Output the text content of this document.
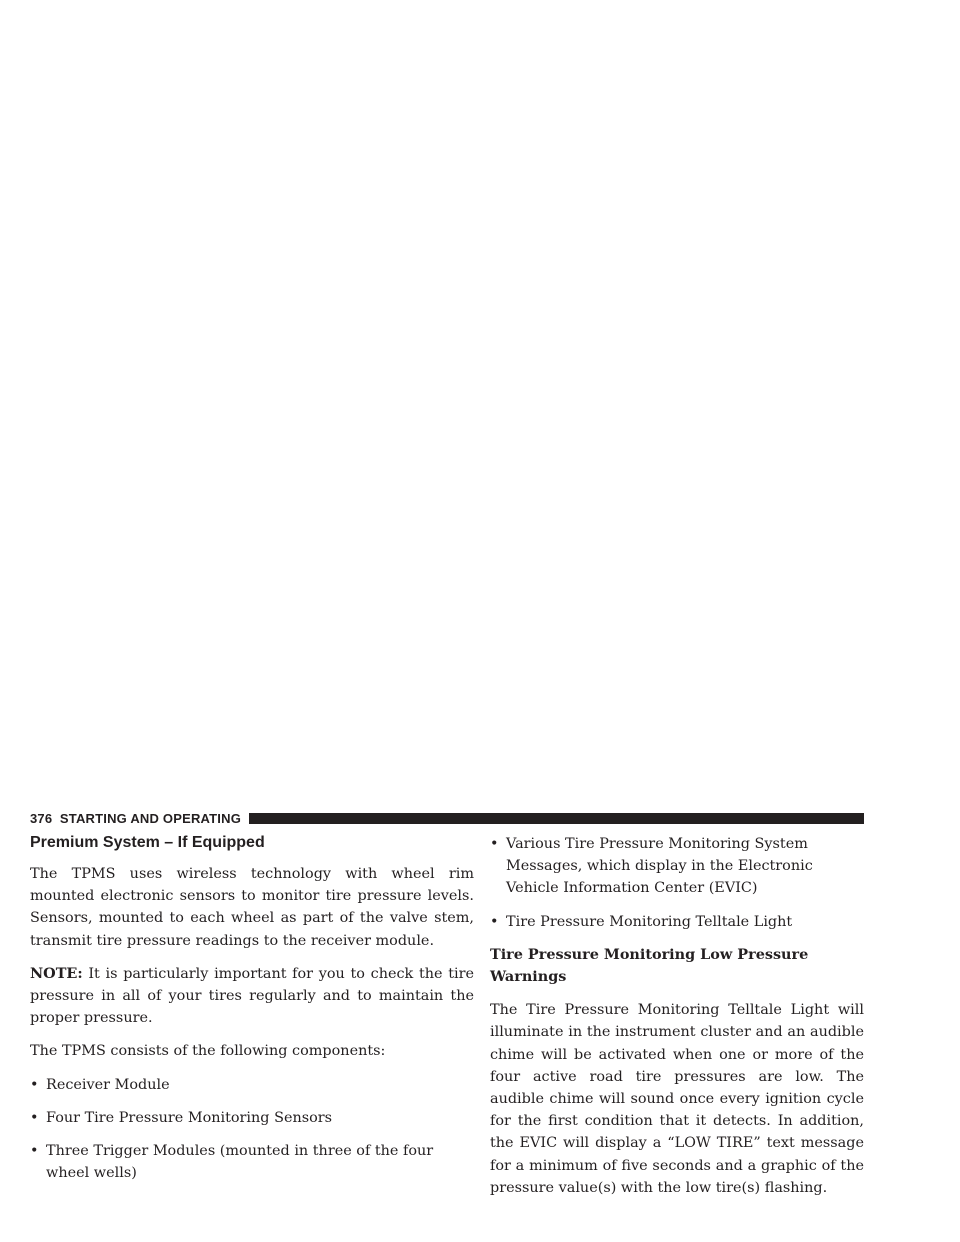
376 STARTING AND OPERATING
Premium System – If Equipped

The TPMS uses wireless technology with wheel rim mounted electronic sensors to monitor tire pressure levels. Sensors, mounted to each wheel as part of the valve stem, transmit tire pressure readings to the receiver module.

NOTE: It is particularly important for you to check the tire pressure in all of your tires regularly and to maintain the proper pressure.

The TPMS consists of the following components:

• Receiver Module
• Four Tire Pressure Monitoring Sensors
• Three Trigger Modules (mounted in three of the four wheel wells)
• Various Tire Pressure Monitoring System Messages, which display in the Electronic Vehicle Information Center (EVIC)
• Tire Pressure Monitoring Telltale Light
Tire Pressure Monitoring Low Pressure Warnings

The Tire Pressure Monitoring Telltale Light will illuminate in the instrument cluster and an audible chime will be activated when one or more of the four active road tire pressures are low. The audible chime will sound once every ignition cycle for the first condition that it detects. In addition, the EVIC will display a “LOW TIRE” text message for a minimum of five seconds and a graphic of the pressure value(s) with the low tire(s) flashing.
